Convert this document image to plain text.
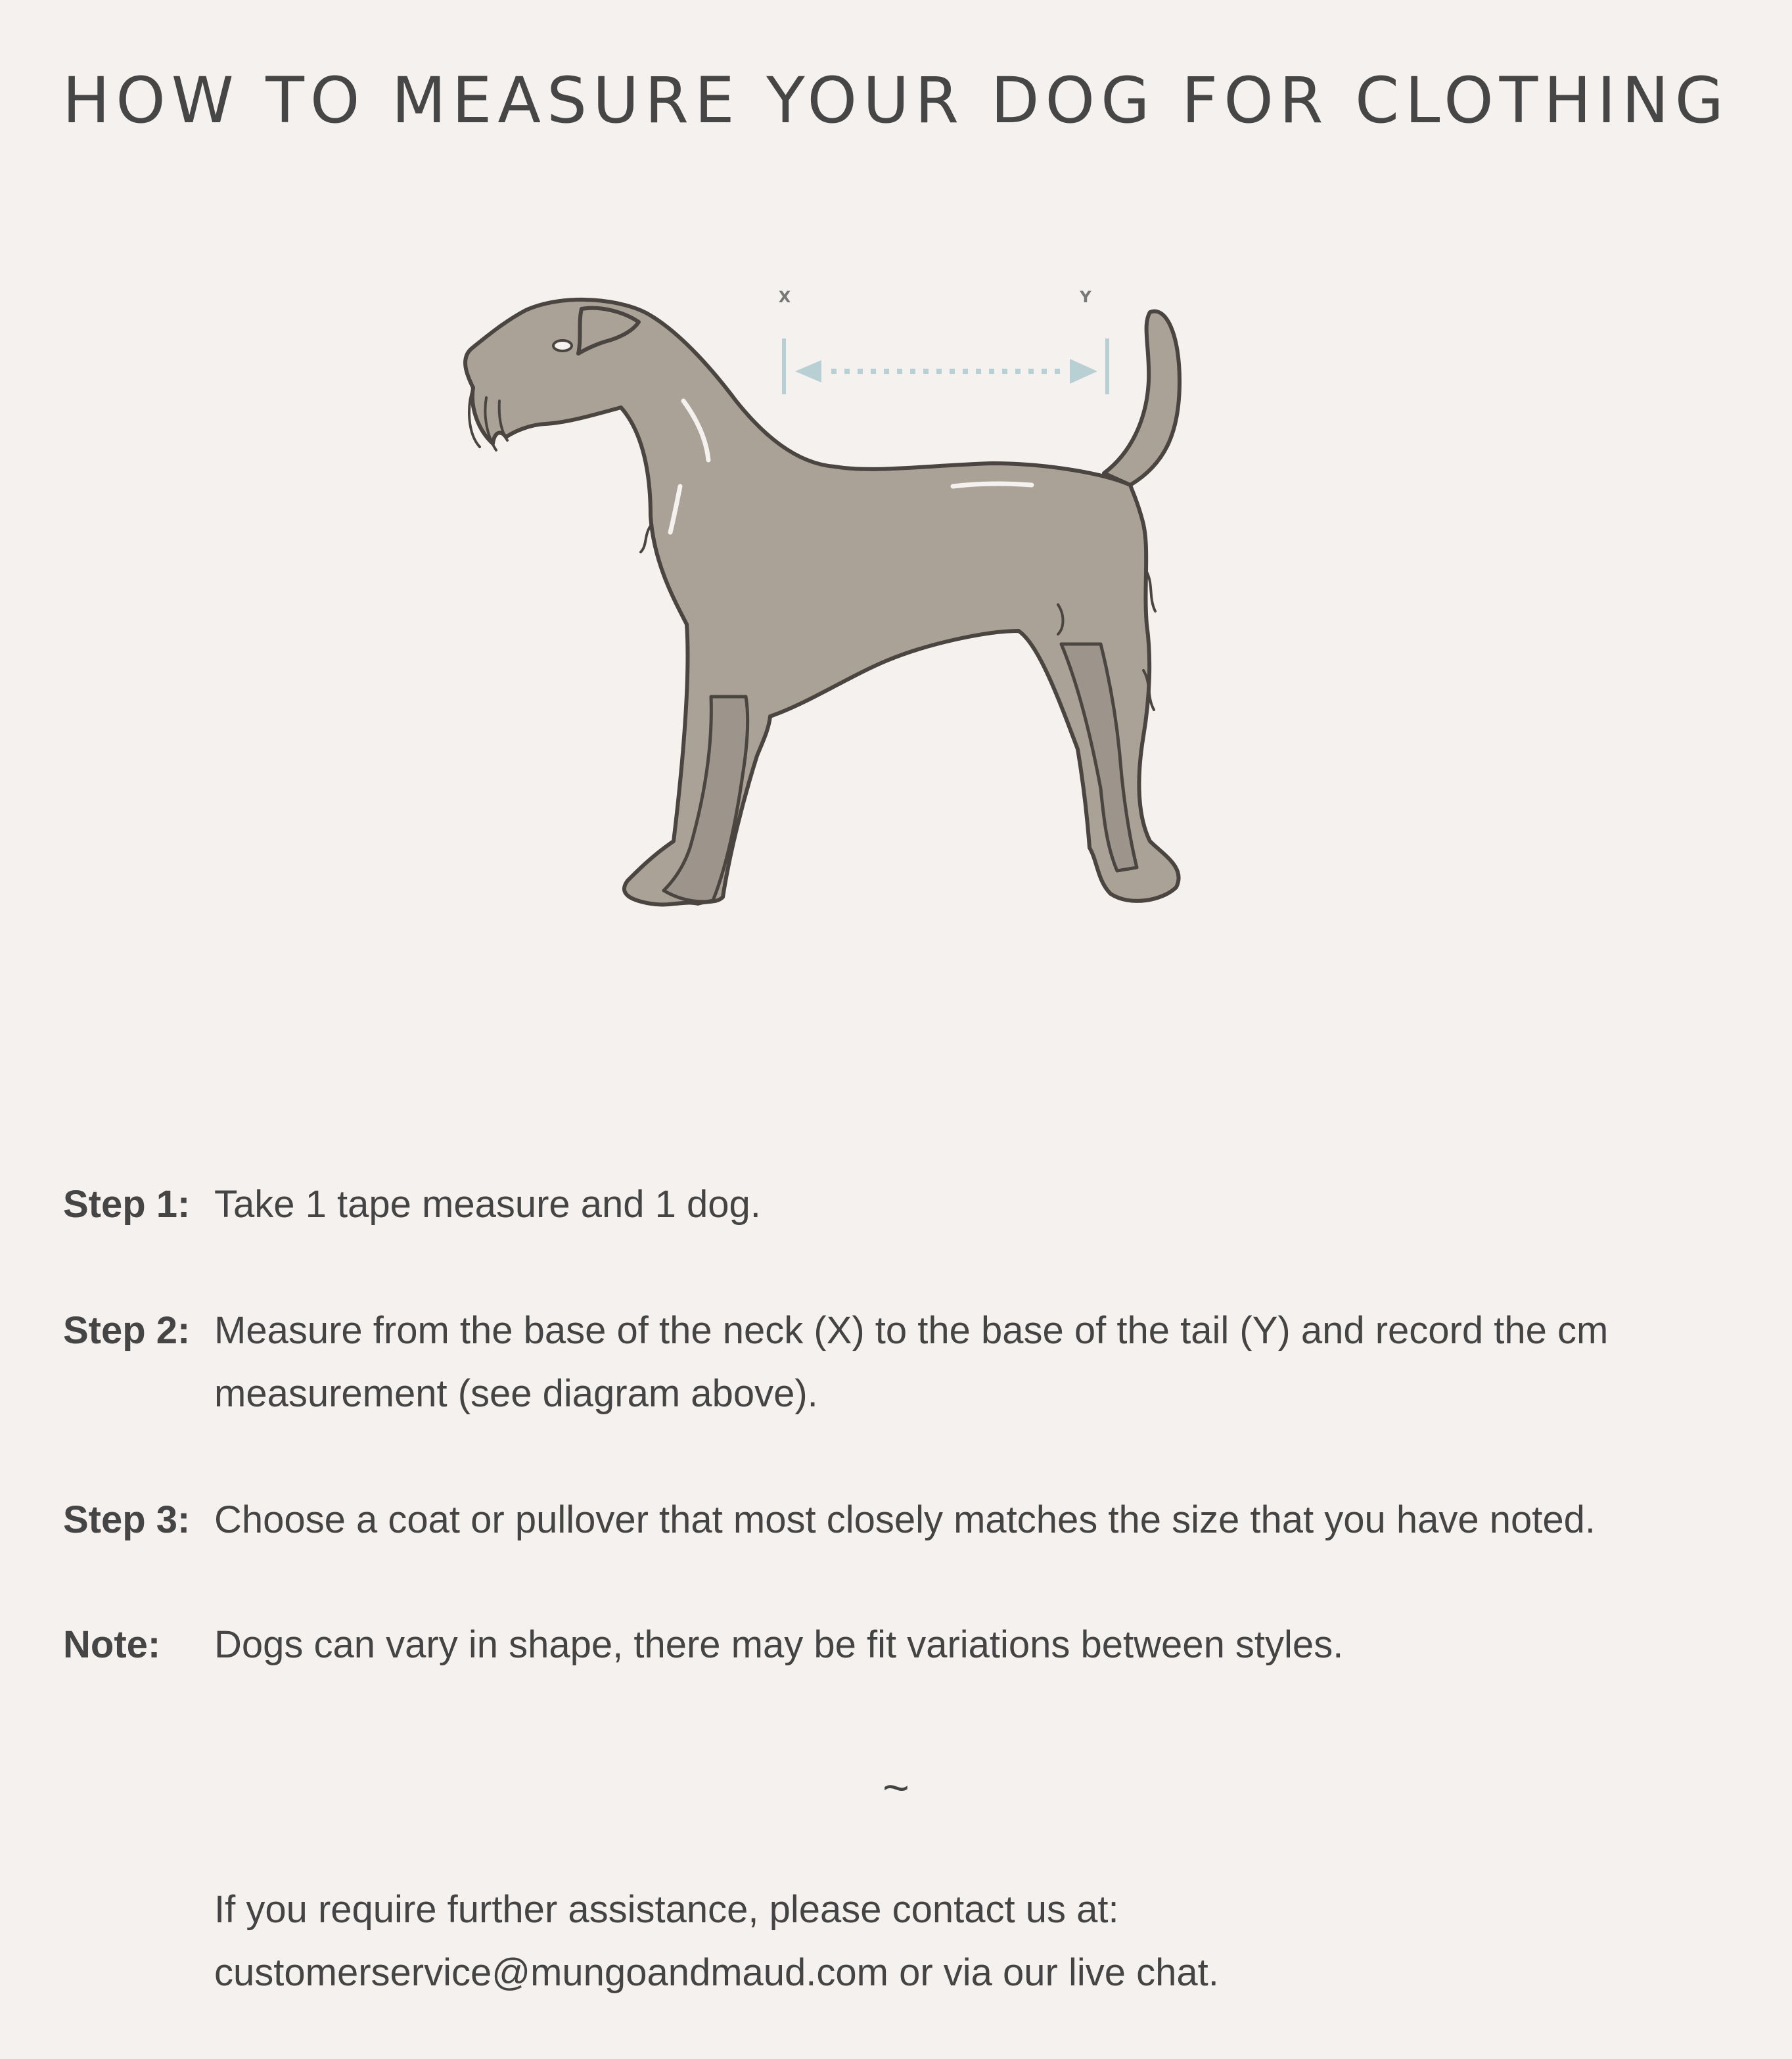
HOW TO MEASURE YOUR DOG FOR CLOTHING
X	Y
Step 1: Take 1 tape measure and 1 dog.
Step 2: Measure from the base of the neck (X) to the base of the tail (Y) and record the cm
measurement (see diagram above).
Step 3: Choose a coat or pullover that most closely matches the size that you have noted.
Note:	Dogs can vary in shape, there may be fit variations between styles.
~
If you require further assistance, please contact us at:
customerservice@mungoandmaud.com or via our live chat.
